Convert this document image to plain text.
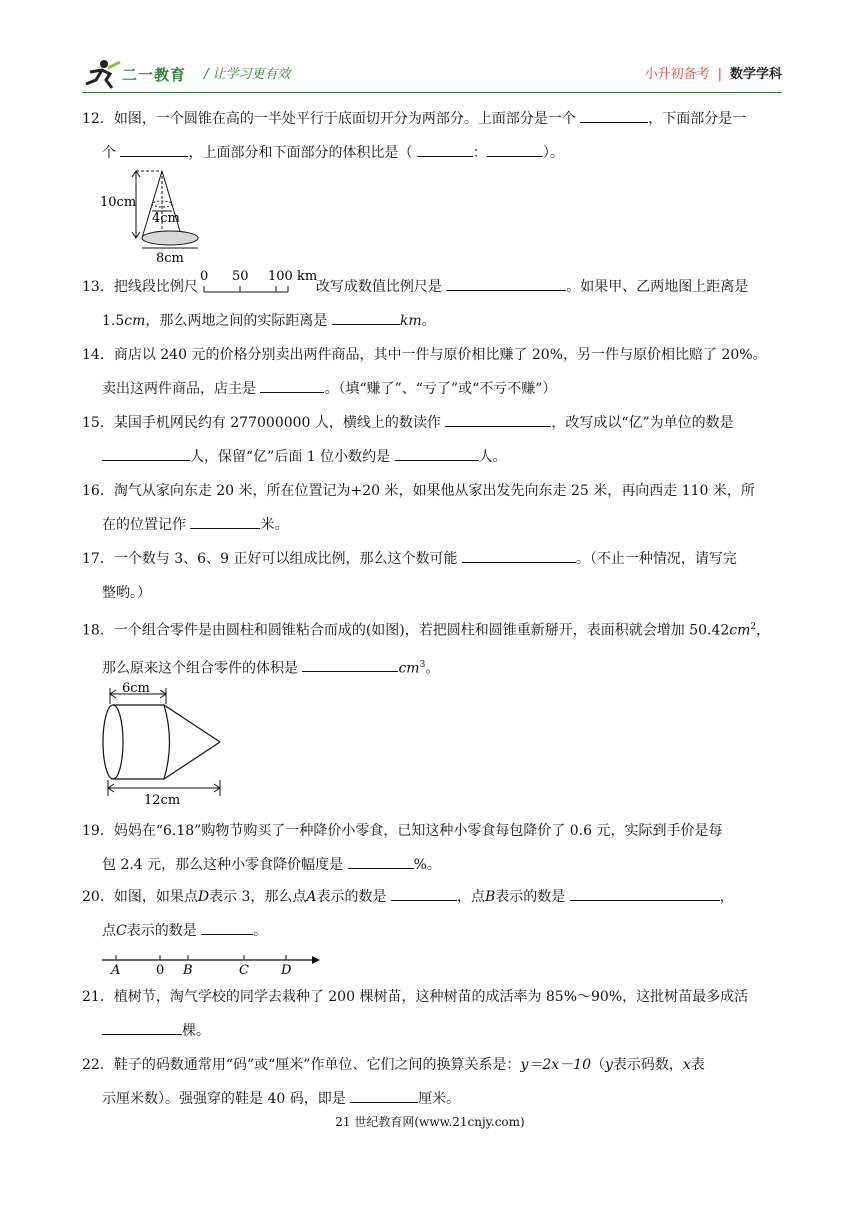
二一教育 / 让学习更有效	小升初备考 | 数学学科
12．如图，一个圆锥在高的一半处平行于底面切开分为两部分。上面部分是一个	，下面部分是一
个	，上面部分和下面部分的体积比是（	：	）。
10cm
4cm
8cm
13．把线段比例尺	改写成数值比例尺是	。如果甲、乙两地图上距离是
1.5cm，那么两地之间的实际距离是	km。
0 50 100 km
14．商店以 240 元的价格分别卖出两件商品，其中一件与原价相比赚了 20%，另一件与原价相比赔了 20%。
卖出这两件商品，店主是	。（填“赚了”、“亏了”或“不亏不赚”）
15．某国手机网民约有 277000000 人，横线上的数读作	，改写成以“亿”为单位的数是
人，保留“亿”后面 1 位小数约是	人。
16．淘气从家向东走 20 米，所在位置记为+20 米，如果他从家出发先向东走 25 米，再向西走 110 米，所
在的位置记作	米。
17．一个数与 3、6、9 正好可以组成比例，那么这个数可能	。（不止一种情况，请写完
整哟。）
18．一个组合零件是由圆柱和圆锥粘合而成的(如图)，若把圆柱和圆锥重新掰开，表面积就会增加 $50.42cm^2$，
那么原来这个组合零件的体积是	$cm^3$。
6cm
12cm
19．妈妈在“6.18”购物节购买了一种降价小零食，已知这种小零食每包降价了 0.6 元，实际到手价是每
包 2.4 元，那么这种小零食降价幅度是	%。
20．如图，如果点D表示 3，那么点A表示的数是	，点B表示的数是	，
点C表示的数是	。
A	0 B	C D
21．植树节，淘气学校的同学去栽种了 200 棵树苗，这种树苗的成活率为 85%～90%，这批树苗最多成活
棵。
22．鞋子的码数通常用“码”或“厘米”作单位、它们之间的换算关系是：y＝2x－10（y表示码数，x表
示厘米数）。强强穿的鞋是 40 码，即是	厘米。
21 世纪教育网(www.21cnjy.com)
